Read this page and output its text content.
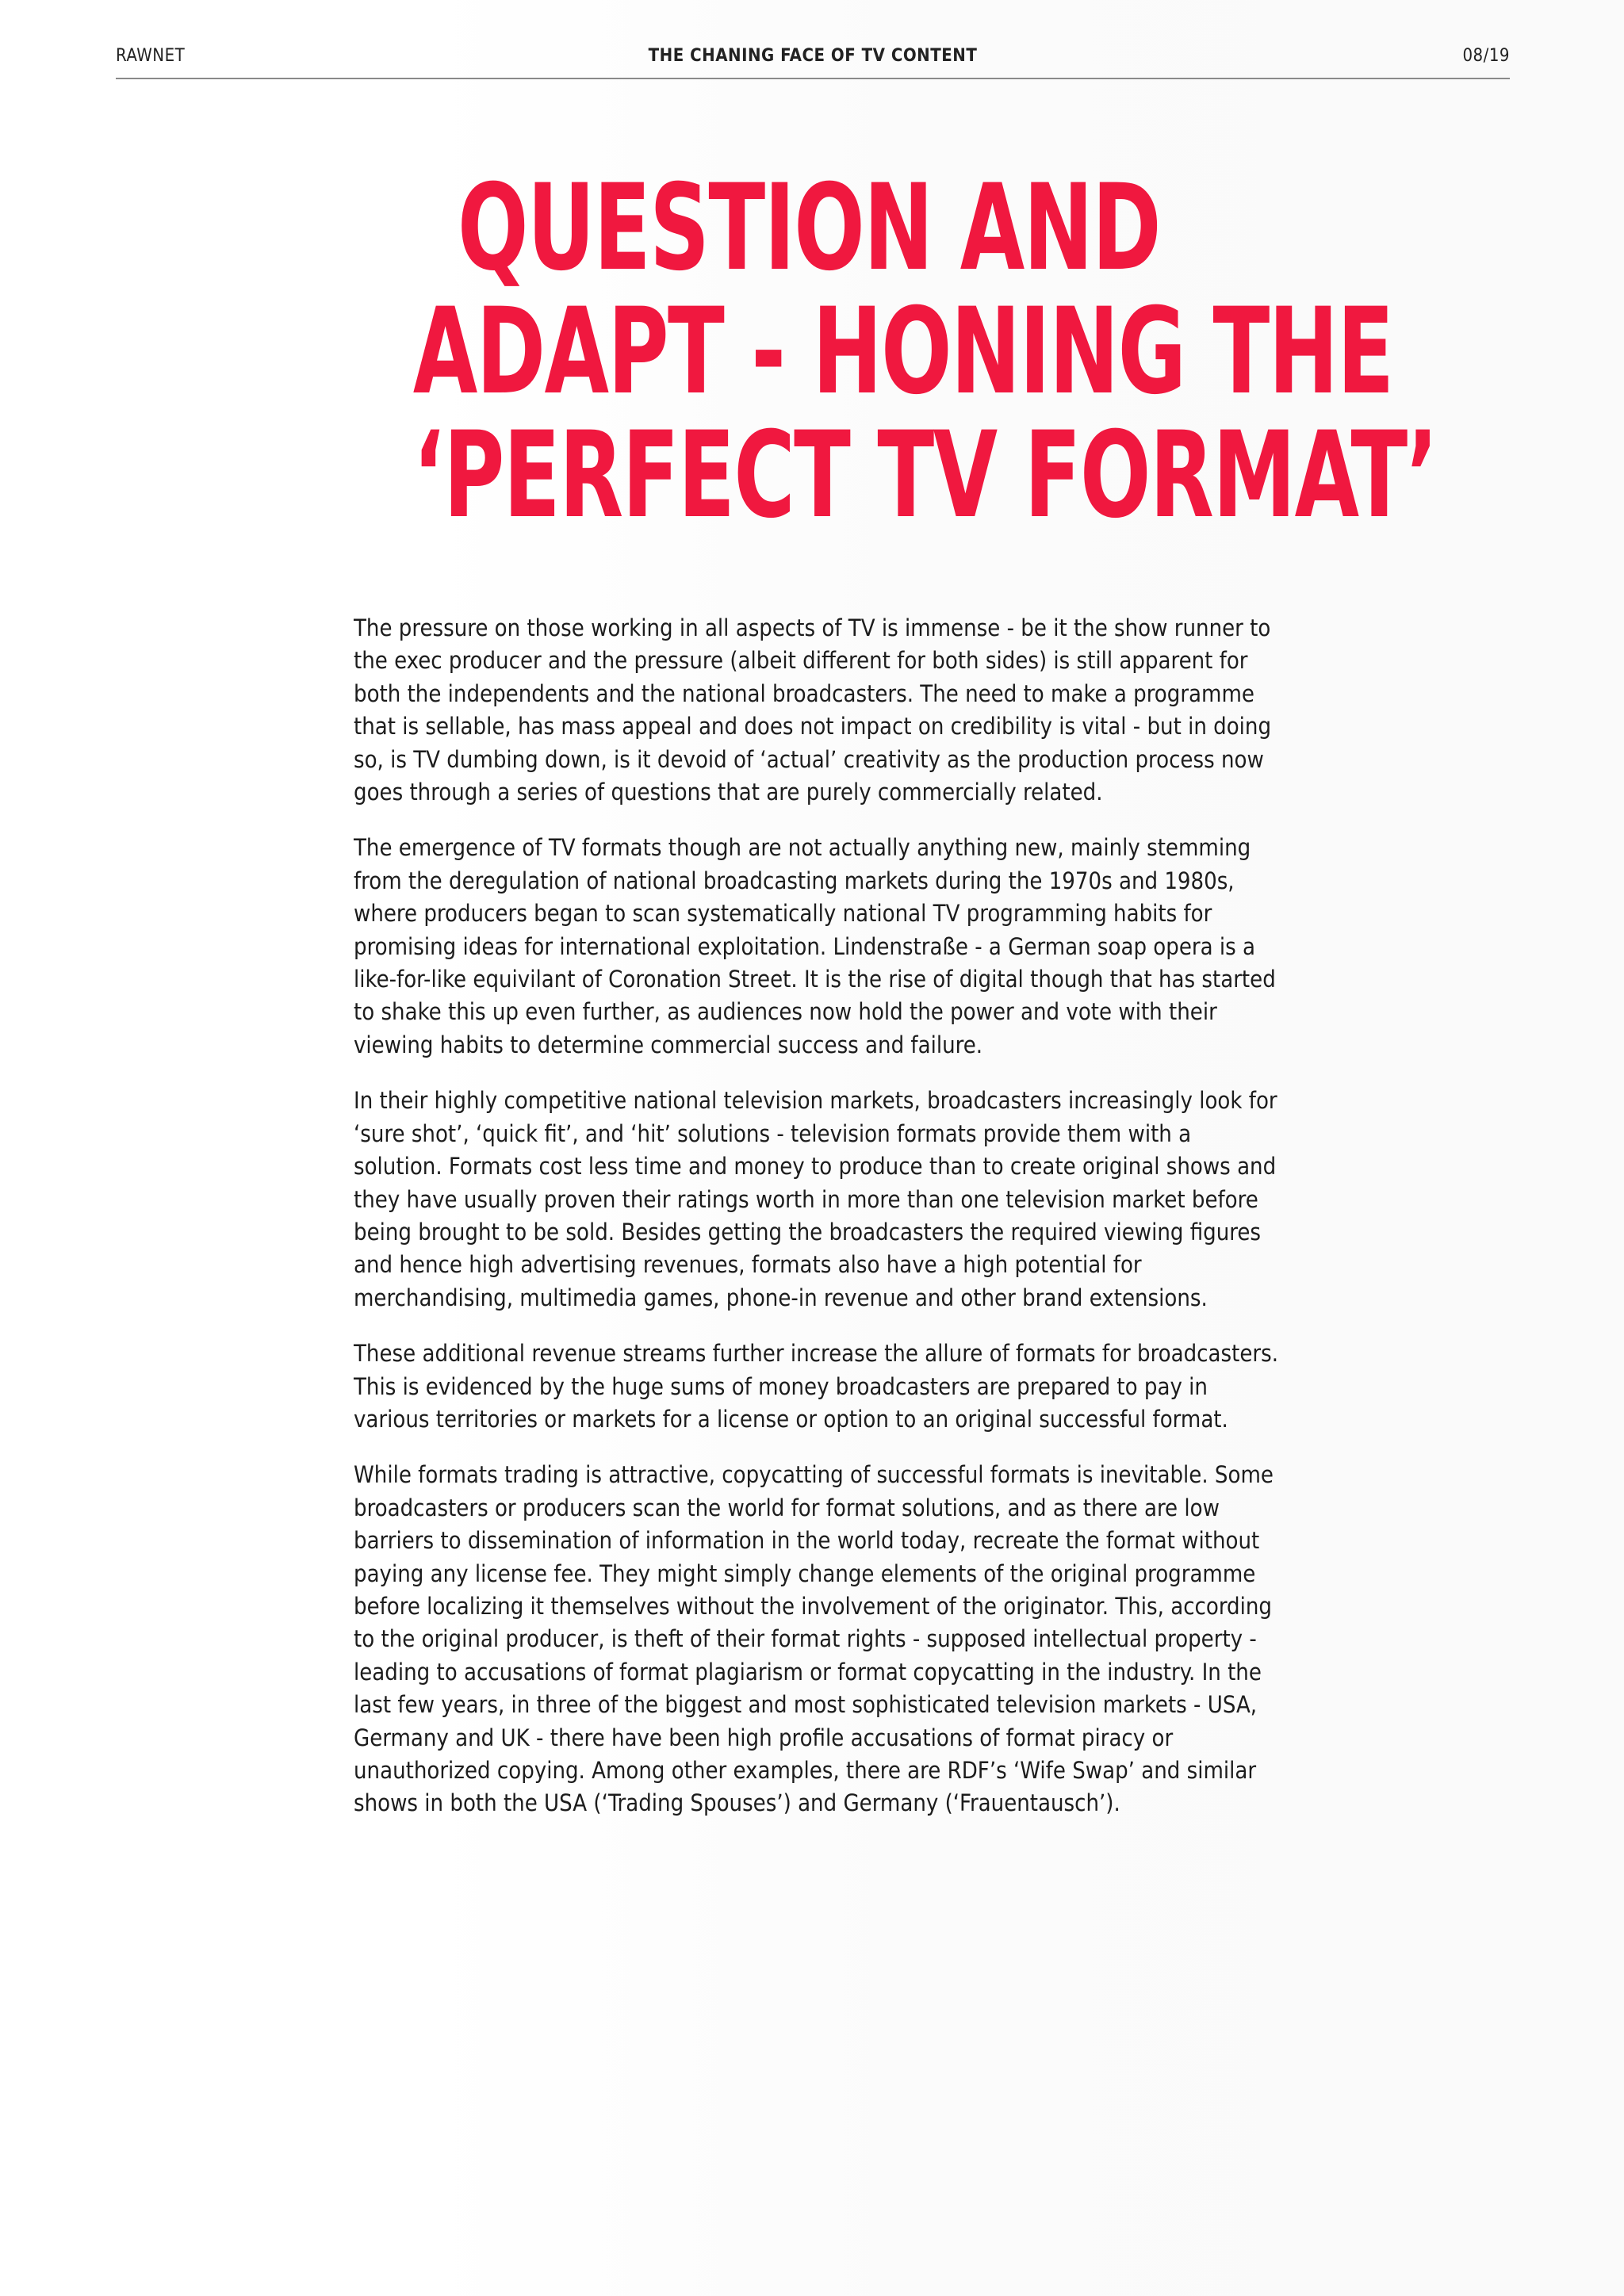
RAWNET	THE CHANING FACE OF TV CONTENT	08/19
QUESTION AND
ADAPT - HONING THE
‘PERFECT TV FORMAT’

The pressure on those working in all aspects of TV is immense - be it the show runner to the exec producer and the pressure (albeit different for both sides) is still apparent for both the independents and the national broadcasters. The need to make a programme that is sellable, has mass appeal and does not impact on credibility is vital - but in doing so, is TV dumbing down, is it devoid of ‘actual’ creativity as the production process now goes through a series of questions that are purely commercially related.

The emergence of TV formats though are not actually anything new, mainly stemming from the deregulation of national broadcasting markets during the 1970s and 1980s, where producers began to scan systematically national TV programming habits for promising ideas for international exploitation. Lindenstraße - a German soap opera is a like-for-like equivilant of Coronation Street. It is the rise of digital though that has started to shake this up even further, as audiences now hold the power and vote with their viewing habits to determine commercial success and failure.

In their highly competitive national television markets, broadcasters increasingly look for ‘sure shot’, ‘quick fit’, and ‘hit’ solutions - television formats provide them with a solution. Formats cost less time and money to produce than to create original shows and they have usually proven their ratings worth in more than one television market before being brought to be sold. Besides getting the broadcasters the required viewing figures and hence high advertising revenues, formats also have a high potential for merchandising, multimedia games, phone-in revenue and other brand extensions.

These additional revenue streams further increase the allure of formats for broadcasters. This is evidenced by the huge sums of money broadcasters are prepared to pay in various territories or markets for a license or option to an original successful format.

While formats trading is attractive, copycatting of successful formats is inevitable. Some broadcasters or producers scan the world for format solutions, and as there are low barriers to dissemination of information in the world today, recreate the format without paying any license fee. They might simply change elements of the original programme before localizing it themselves without the involvement of the originator. This, according to the original producer, is theft of their format rights - supposed intellectual property - leading to accusations of format plagiarism or format copycatting in the industry. In the last few years, in three of the biggest and most sophisticated television markets - USA, Germany and UK - there have been high profile accusations of format piracy or unauthorized copying. Among other examples, there are RDF’s ‘Wife Swap’ and similar shows in both the USA (‘Trading Spouses’) and Germany (‘Frauentausch’).
